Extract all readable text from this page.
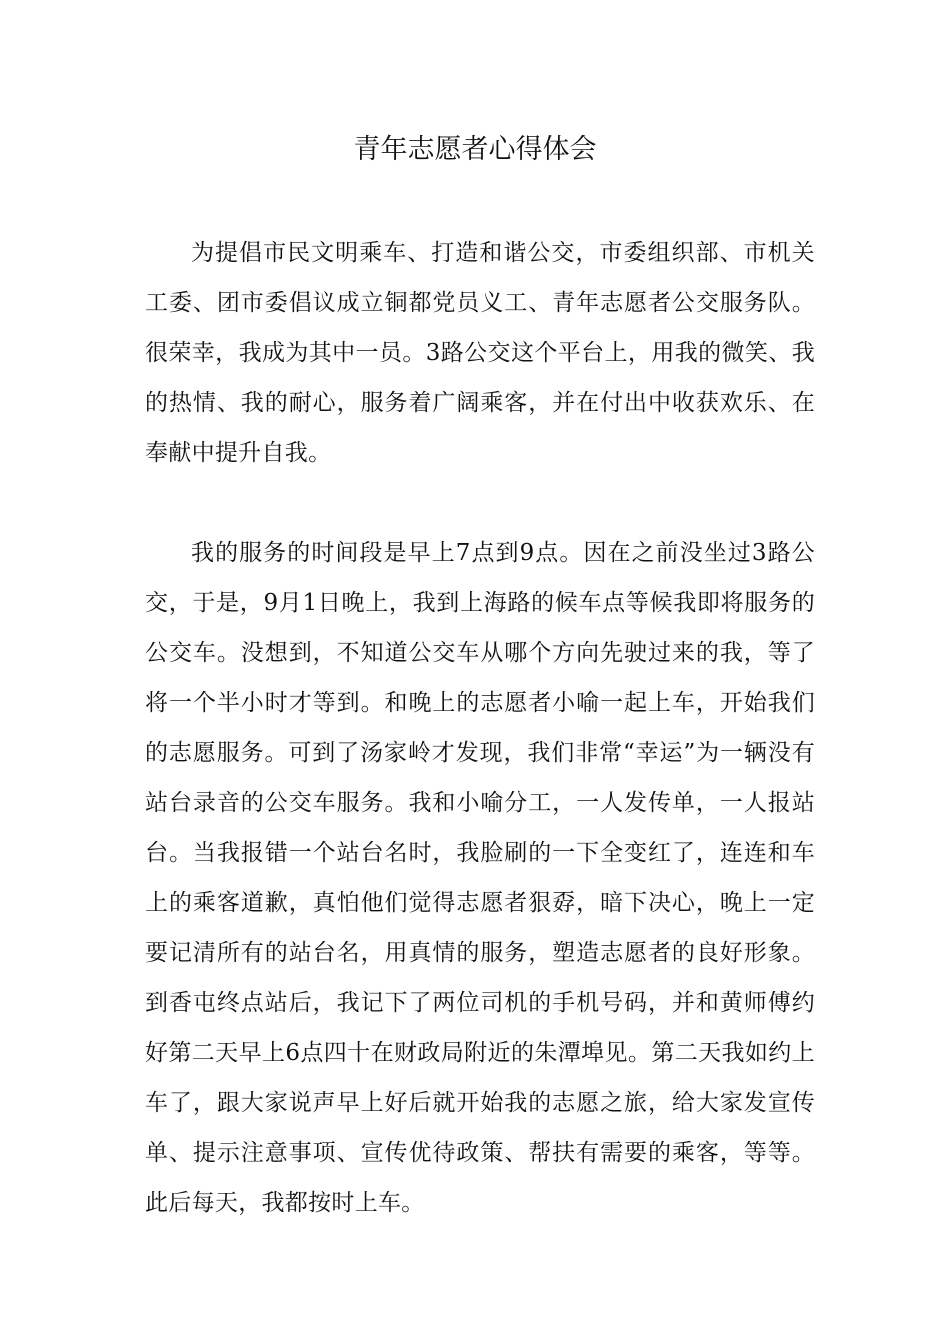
青年志愿者心得体会

为提倡市民文明乘车、打造和谐公交，市委组织部、市机关工委、团市委倡议成立铜都党员义工、青年志愿者公交服务队。很荣幸，我成为其中一员。3路公交这个平台上，用我的微笑、我的热情、我的耐心，服务着广阔乘客，并在付出中收获欢乐、在奉献中提升自我。

我的服务的时间段是早上7点到9点。因在之前没坐过3路公交，于是，9月1日晚上，我到上海路的候车点等候我即将服务的公交车。没想到，不知道公交车从哪个方向先驶过来的我，等了将一个半小时才等到。和晚上的志愿者小喻一起上车，开始我们的志愿服务。可到了汤家岭才发现，我们非常“幸运”为一辆没有站台录音的公交车服务。我和小喻分工，一人发传单，一人报站台。当我报错一个站台名时，我脸刷的一下全变红了，连连和车上的乘客道歉，真怕他们觉得志愿者狠孬，暗下决心，晚上一定要记清所有的站台名，用真情的服务，塑造志愿者的良好形象。到香屯终点站后，我记下了两位司机的手机号码，并和黄师傅约好第二天早上6点四十在财政局附近的朱潭埠见。第二天我如约上车了，跟大家说声早上好后就开始我的志愿之旅，给大家发宣传单、提示注意事项、宣传优待政策、帮扶有需要的乘客，等等。此后每天，我都按时上车。
